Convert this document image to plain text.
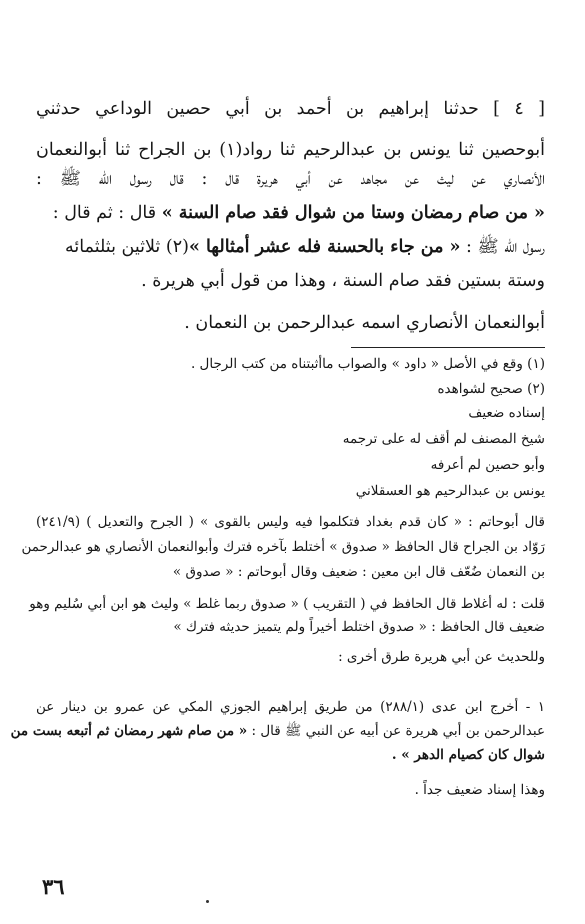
[ ٤ ] حدثنا إبراهيم بن أحمد بن أبي حصين الوداعي حدثني
أبوحصين ثنا يونس بن عبدالرحيم ثنا رواد(١) بن الجراح ثنا أبوالنعمان
الأنصاري عن ليث عن مجاهد عن أبي هريرة قال : قال رسول الله ﷺ :
« من صام رمضان وستا من شوال فقد صام السنة » قال : ثم قال :
رسول الله ﷺ : « من جاء بالحسنة فله عشر أمثالها »(٢) ثلاثين بثلثمائه
وستة بستين فقد صام السنة ، وهذا من قول أبي هريرة .
أبوالنعمان الأنصاري اسمه عبدالرحمن بن النعمان .
(١) وقع في الأصل « داود » والصواب ماأثبتناه من كتب الرجال .
(٢) صحيح لشواهده
إسناده ضعيف
شيخ المصنف لم أقف له على ترجمه
وأبو حصين لم أعرفه
يونس بن عبدالرحيم هو العسقلاني
قال أبوحاتم : « كان قدم بغداد فتكلموا فيه وليس بالقوى » ( الجرح والتعديل ) (٢٤١/٩)
رَوّاد بن الجراح قال الحافظ « صدوق » أختلط بآخره فترك وأبوالنعمان الأنصاري هو عبدالرحمن
بن النعمان ضُعّف قال ابن معين : ضعيف وقال أبوحاتم : « صدوق »
قلت : له أغلاط قال الحافظ في ( التقريب ) « صدوق ربما غلط » وليث هو ابن أبي سُليم وهو
ضعيف قال الحافظ : « صدوق اختلط أخيراً ولم يتميز حديثه فترك »
وللحديث عن أبي هريرة طرق أخرى :
١ - أخرج ابن عدى (٢٨٨/١) من طريق إبراهيم الجوزي المكي عن عمرو بن دينار عن
عبدالرحمن بن أبي هريرة عن أبيه عن النبي ﷺ قال : « من صام شهر رمضان ثم أتبعه بست من
شوال كان كصيام الدهر » .
وهذا إسناد ضعيف جداً .
٣٦
